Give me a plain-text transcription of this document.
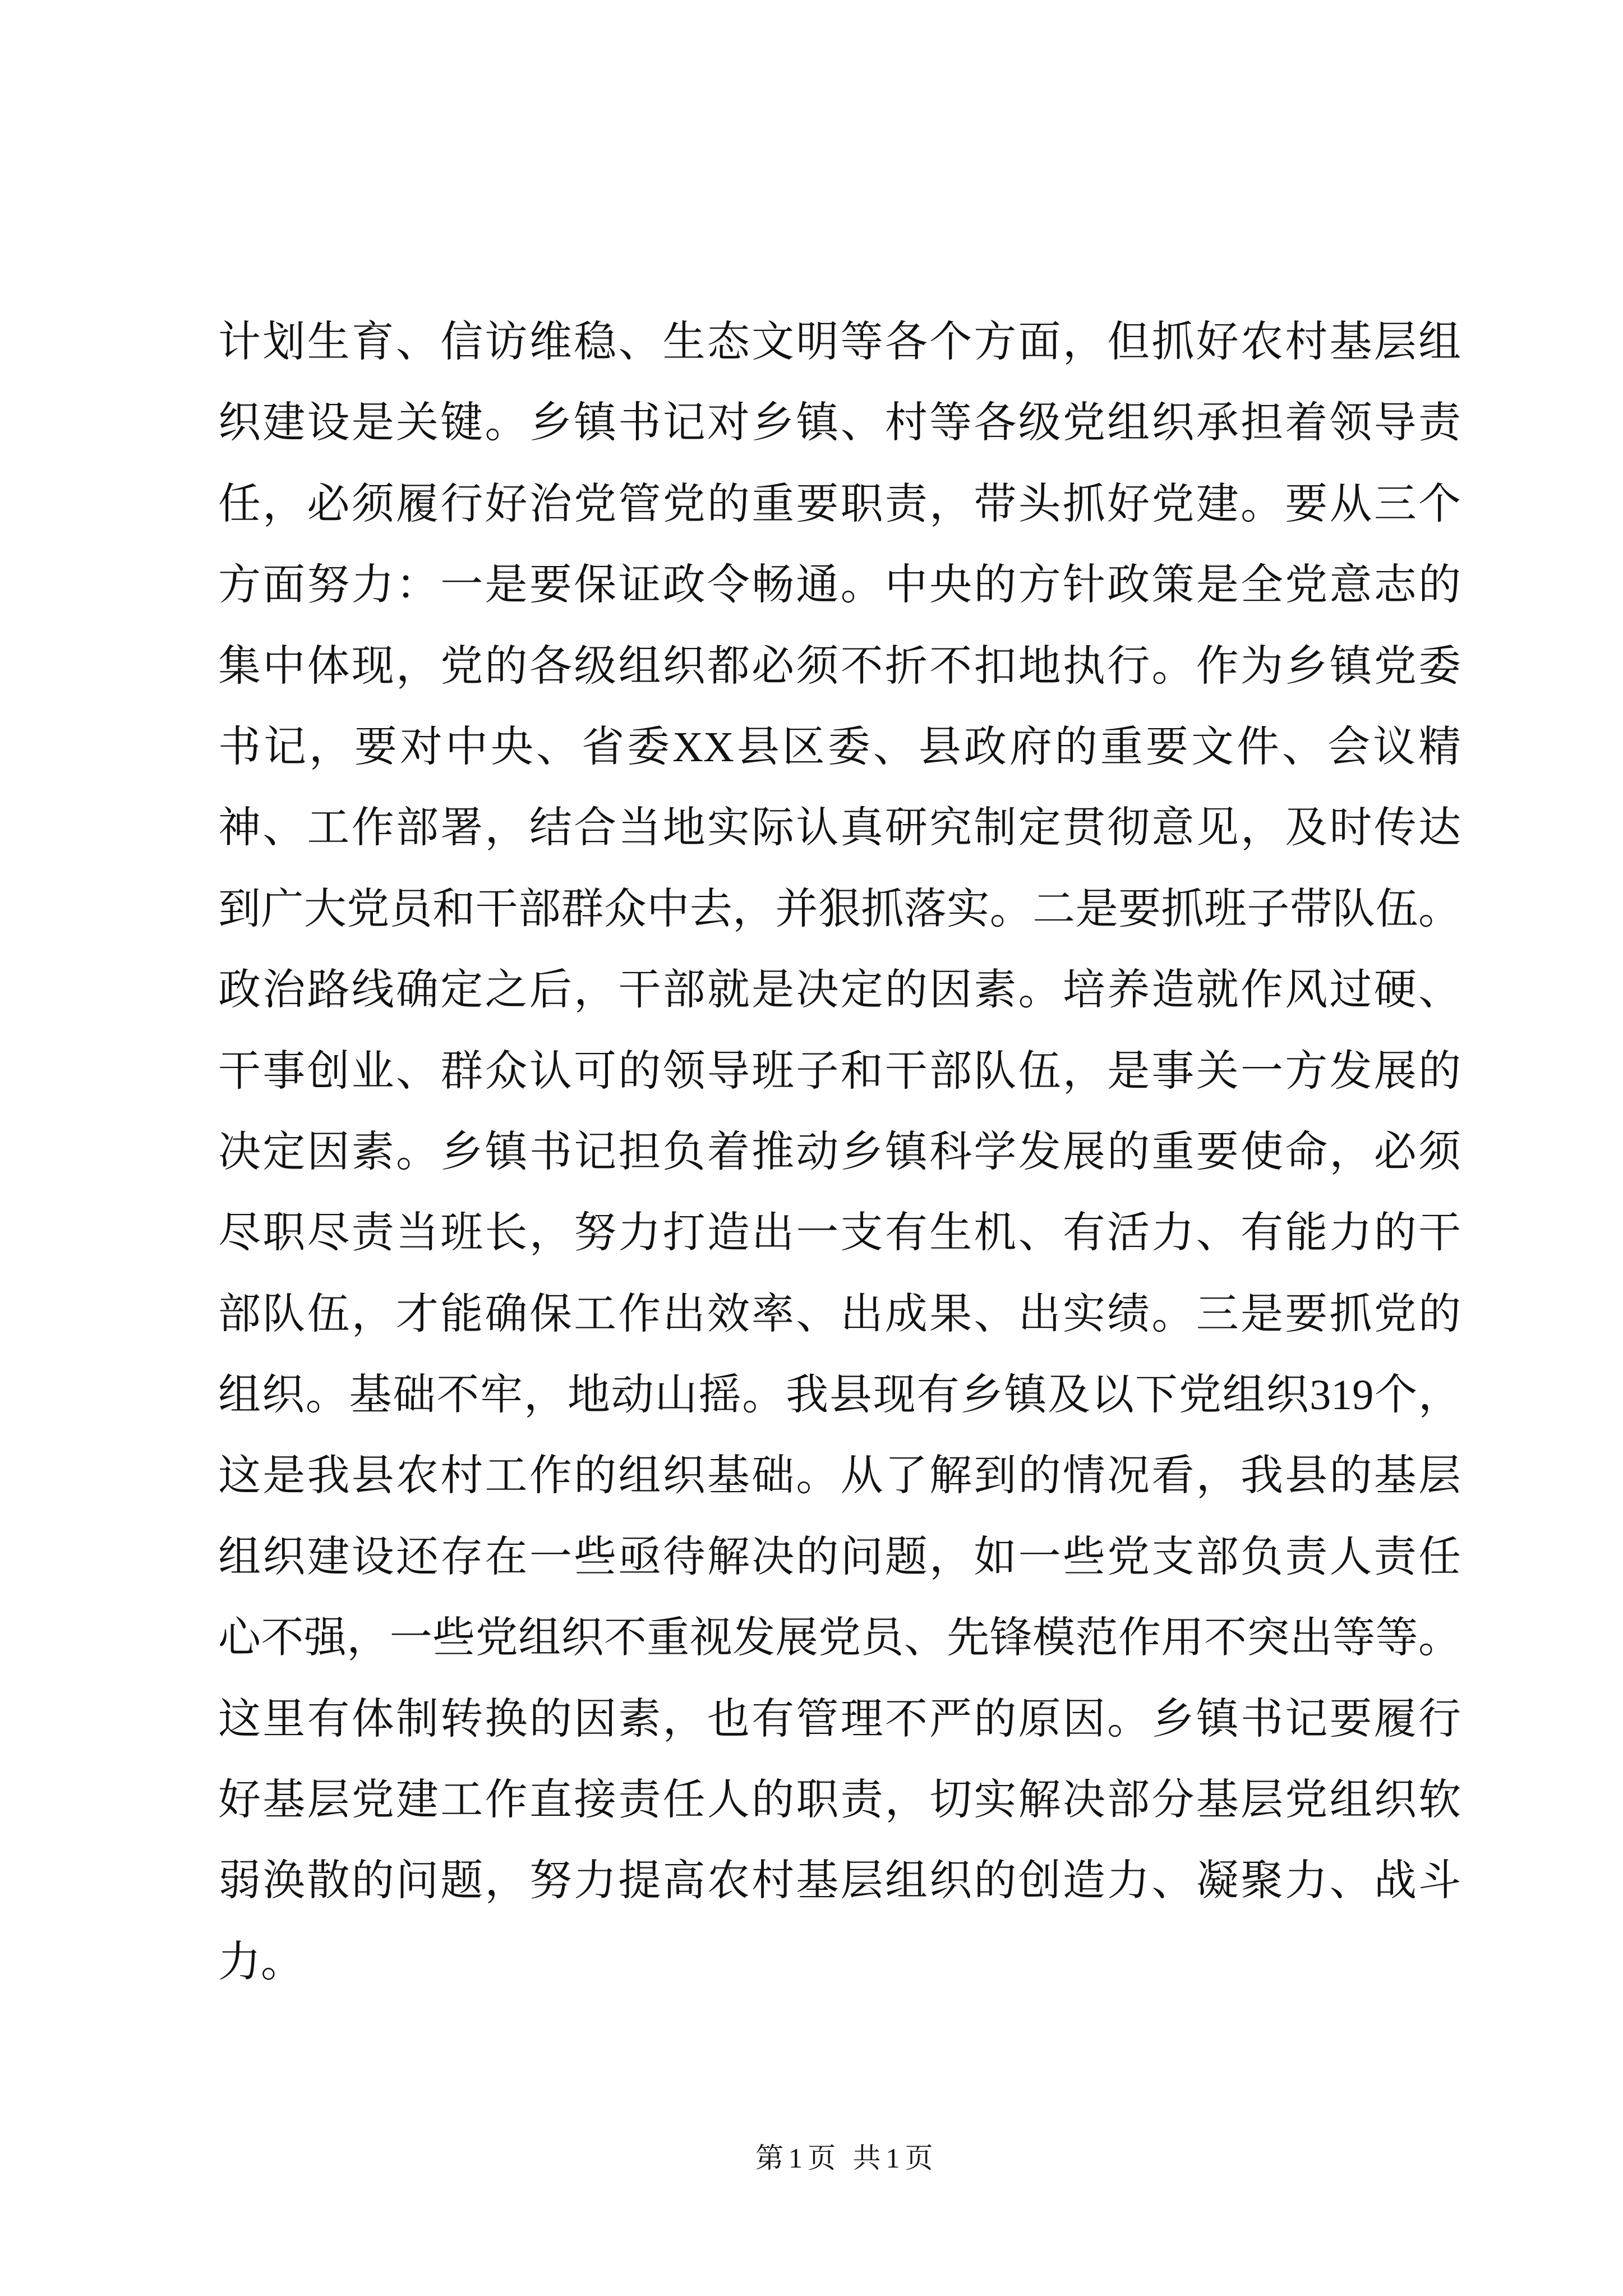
计划生育、信访维稳、生态文明等各个方面，但抓好农村基层组
织建设是关键。乡镇书记对乡镇、村等各级党组织承担着领导责
任，必须履行好治党管党的重要职责，带头抓好党建。要从三个
方面努力：一是要保证政令畅通。中央的方针政策是全党意志的
集中体现，党的各级组织都必须不折不扣地执行。作为乡镇党委
书记，要对中央、省委XX县区委、县政府的重要文件、会议精
神、工作部署，结合当地实际认真研究制定贯彻意见，及时传达
到广大党员和干部群众中去，并狠抓落实。二是要抓班子带队伍。
政治路线确定之后，干部就是决定的因素。培养造就作风过硬、
干事创业、群众认可的领导班子和干部队伍，是事关一方发展的
决定因素。乡镇书记担负着推动乡镇科学发展的重要使命，必须
尽职尽责当班长，努力打造出一支有生机、有活力、有能力的干
部队伍，才能确保工作出效率、出成果、出实绩。三是要抓党的
组织。基础不牢，地动山摇。我县现有乡镇及以下党组织319个，
这是我县农村工作的组织基础。从了解到的情况看，我县的基层
组织建设还存在一些亟待解决的问题，如一些党支部负责人责任
心不强，一些党组织不重视发展党员、先锋模范作用不突出等等。
这里有体制转换的因素，也有管理不严的原因。乡镇书记要履行
好基层党建工作直接责任人的职责，切实解决部分基层党组织软
弱涣散的问题，努力提高农村基层组织的创造力、凝聚力、战斗
力。
第1页 共1页
